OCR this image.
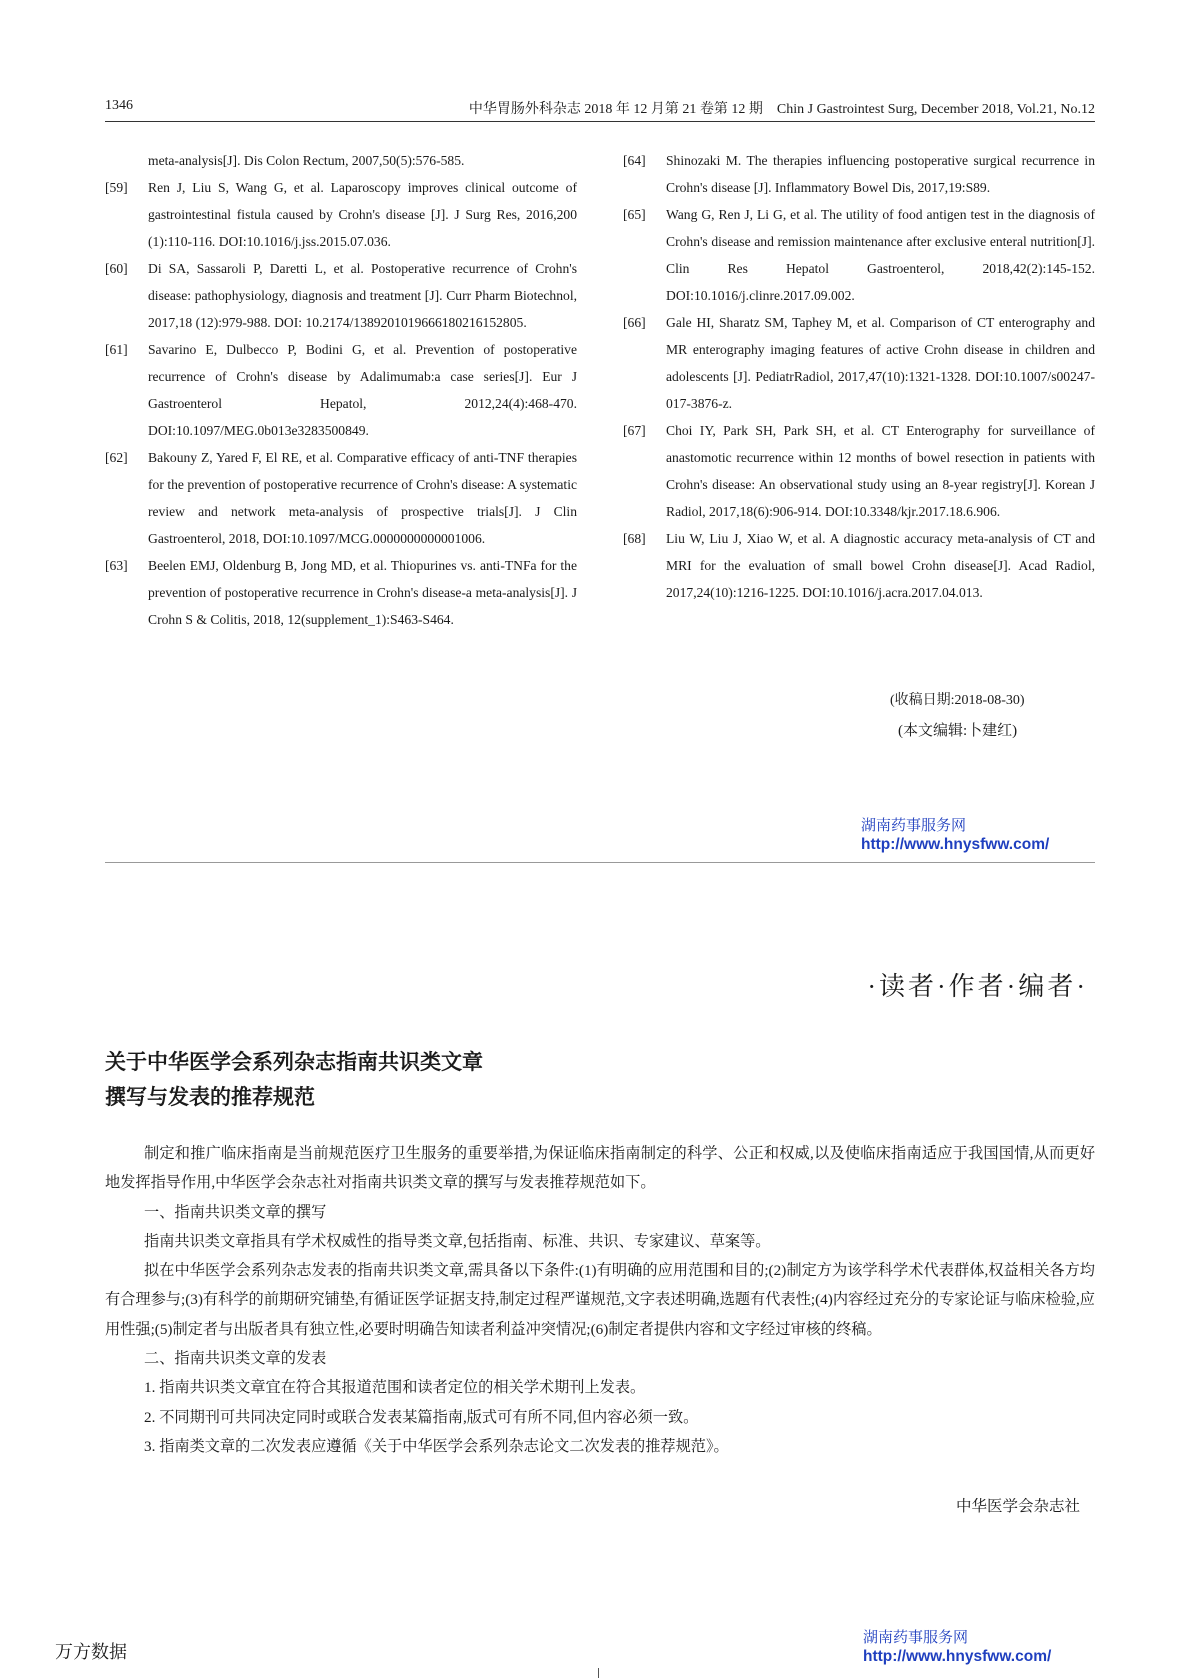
1346	中华胃肠外科杂志 2018 年 12 月第 21 卷第 12 期　Chin J Gastrointest Surg, December 2018, Vol.21, No.12
meta-analysis[J]. Dis Colon Rectum, 2007,50(5):576-585.
[59] Ren J, Liu S, Wang G, et al. Laparoscopy improves clinical outcome of gastrointestinal fistula caused by Crohn's disease [J]. J Surg Res, 2016,200 (1):110-116. DOI:10.1016/j.jss.2015.07.036.
[60] Di SA, Sassaroli P, Daretti L, et al. Postoperative recurrence of Crohn's disease: pathophysiology, diagnosis and treatment [J]. Curr Pharm Biotechnol, 2017,18 (12):979-988. DOI: 10.2174/1389201019666180216152805.
[61] Savarino E, Dulbecco P, Bodini G, et al. Prevention of postoperative recurrence of Crohn's disease by Adalimumab:a case series[J]. Eur J Gastroenterol Hepatol, 2012,24(4):468-470. DOI:10.1097/MEG.0b013e3283500849.
[62] Bakouny Z, Yared F, El RE, et al. Comparative efficacy of anti-TNF therapies for the prevention of postoperative recurrence of Crohn's disease: A systematic review and network meta-analysis of prospective trials[J]. J Clin Gastroenterol, 2018, DOI:10.1097/MCG.0000000000001006.
[63] Beelen EMJ, Oldenburg B, Jong MD, et al. Thiopurines vs. anti-TNFa for the prevention of postoperative recurrence in Crohn's disease-a meta-analysis[J]. J Crohn S & Colitis, 2018, 12(supplement_1):S463-S464.
[64] Shinozaki M. The therapies influencing postoperative surgical recurrence in Crohn's disease [J]. Inflammatory Bowel Dis, 2017,19:S89.
[65] Wang G, Ren J, Li G, et al. The utility of food antigen test in the diagnosis of Crohn's disease and remission maintenance after exclusive enteral nutrition[J]. Clin Res Hepatol Gastroenterol, 2018,42(2):145-152. DOI:10.1016/j.clinre.2017.09.002.
[66] Gale HI, Sharatz SM, Taphey M, et al. Comparison of CT enterography and MR enterography imaging features of active Crohn disease in children and adolescents [J]. PediatrRadiol, 2017,47(10):1321-1328. DOI:10.1007/s00247-017-3876-z.
[67] Choi IY, Park SH, Park SH, et al. CT Enterography for surveillance of anastomotic recurrence within 12 months of bowel resection in patients with Crohn's disease: An observational study using an 8-year registry[J]. Korean J Radiol, 2017,18(6):906-914. DOI:10.3348/kjr.2017.18.6.906.
[68] Liu W, Liu J, Xiao W, et al. A diagnostic accuracy meta-analysis of CT and MRI for the evaluation of small bowel Crohn disease[J]. Acad Radiol, 2017,24(10):1216-1225. DOI:10.1016/j.acra.2017.04.013.
(收稿日期:2018-08-30)
(本文编辑:卜建红)
湖南药事服务网
http://www.hnysfww.com/
·读者·作者·编者·
关于中华医学会系列杂志指南共识类文章
撰写与发表的推荐规范

制定和推广临床指南是当前规范医疗卫生服务的重要举措,为保证临床指南制定的科学、公正和权威,以及使临床指南适应于我国国情,从而更好地发挥指导作用,中华医学会杂志社对指南共识类文章的撰写与发表推荐规范如下。

一、指南共识类文章的撰写

指南共识类文章指具有学术权威性的指导类文章,包括指南、标准、共识、专家建议、草案等。

拟在中华医学会系列杂志发表的指南共识类文章,需具备以下条件:(1)有明确的应用范围和目的;(2)制定方为该学科学术代表群体,权益相关各方均有合理参与;(3)有科学的前期研究铺垫,有循证医学证据支持,制定过程严谨规范,文字表述明确,选题有代表性;(4)内容经过充分的专家论证与临床检验,应用性强;(5)制定者与出版者具有独立性,必要时明确告知读者利益冲突情况;(6)制定者提供内容和文字经过审核的终稿。

二、指南共识类文章的发表

1. 指南共识类文章宜在符合其报道范围和读者定位的相关学术期刊上发表。

2. 不同期刊可共同决定同时或联合发表某篇指南,版式可有所不同,但内容必须一致。

3. 指南类文章的二次发表应遵循《关于中华医学会系列杂志论文二次发表的推荐规范》。

中华医学会杂志社
万方数据
湖南药事服务网
http://www.hnysfww.com/
